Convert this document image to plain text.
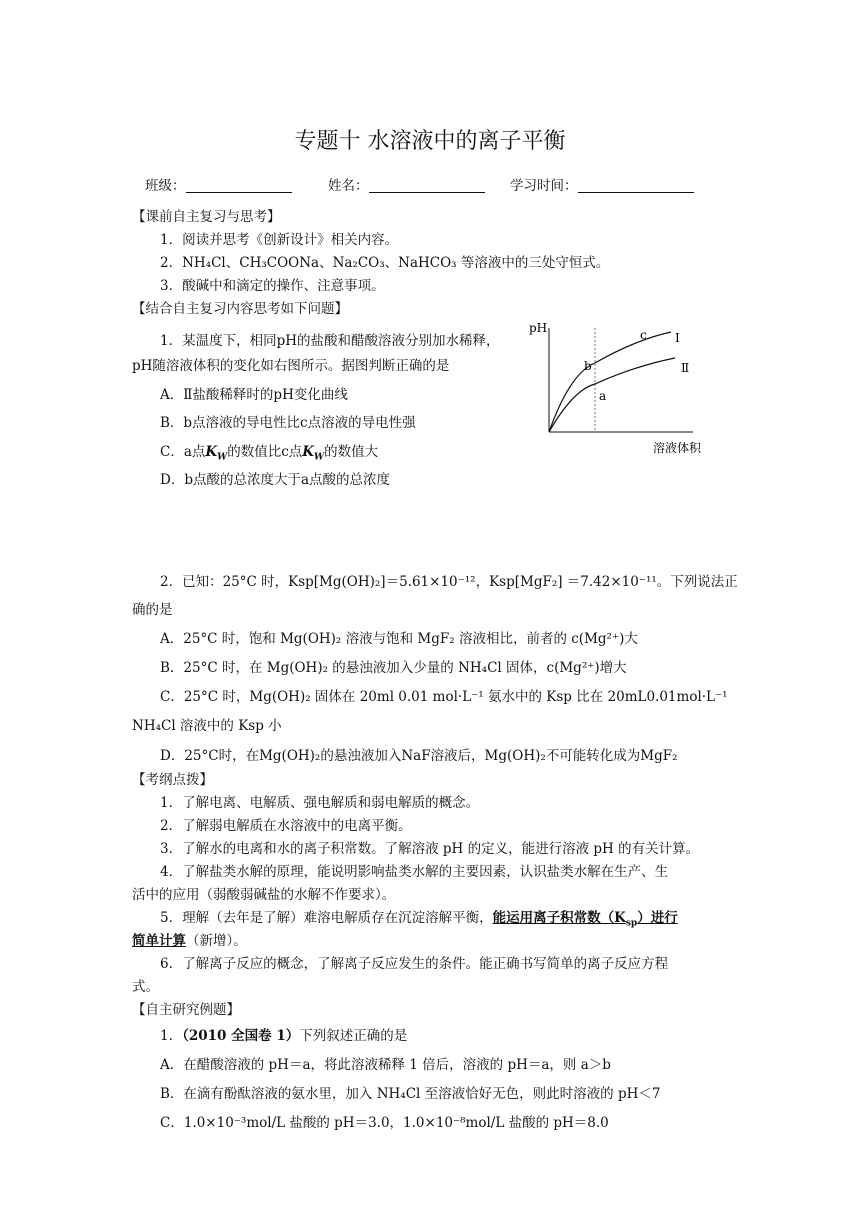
专题十 水溶液中的离子平衡
班级：	姓名：	学习时间：
【课前自主复习与思考】
1．阅读并思考《创新设计》相关内容。
2．NH₄Cl、CH₃COONa、Na₂CO₃、NaHCO₃ 等溶液中的三处守恒式。
3．酸碱中和滴定的操作、注意事项。
【结合自主复习内容思考如下问题】
1．某温度下，相同pH的盐酸和醋酸溶液分别加水稀释，
pH随溶液体积的变化如右图所示。据图判断正确的是
A．Ⅱ盐酸稀释时的pH变化曲线
B．b点溶液的导电性比c点溶液的导电性强
C．a点$K_W$的数值比c点$K_W$的数值大
D．b点酸的总浓度大于a点酸的总浓度
pH
溶液体积
Ⅰ
Ⅱ
a
b
c
2．已知：25°C 时，Ksp[Mg(OH)₂]＝5.61×10⁻¹²，Ksp[MgF₂] ＝7.42×10⁻¹¹。下列说法正
确的是
A．25°C 时，饱和 Mg(OH)₂ 溶液与饱和 MgF₂ 溶液相比，前者的 c(Mg²⁺)大
B．25°C 时，在 Mg(OH)₂ 的悬浊液加入少量的 NH₄Cl 固体，c(Mg²⁺)增大
C．25°C 时，Mg(OH)₂ 固体在 20ml 0.01 mol·L⁻¹ 氨水中的 Ksp 比在 20mL0.01mol·L⁻¹
NH₄Cl 溶液中的 Ksp 小
D．25°C时，在Mg(OH)₂的悬浊液加入NaF溶液后，Mg(OH)₂不可能转化成为MgF₂
【考纲点拨】
1．了解电离、电解质、强电解质和弱电解质的概念。
2．了解弱电解质在水溶液中的电离平衡。
3．了解水的电离和水的离子积常数。了解溶液 pH 的定义，能进行溶液 pH 的有关计算。
4．了解盐类水解的原理，能说明影响盐类水解的主要因素，认识盐类水解在生产、生
活中的应用（弱酸弱碱盐的水解不作要求）。
5．理解（去年是了解）难溶电解质存在沉淀溶解平衡，能运用离子积常数$(K_{sp})$进行
简单计算（新增）。
6．了解离子反应的概念，了解离子反应发生的条件。能正确书写简单的离子反应方程
式。
【自主研究例题】
1．（2010 全国卷 1）下列叙述正确的是
A．在醋酸溶液的 pH＝a，将此溶液稀释 1 倍后，溶液的 pH＝a，则 a＞b
B．在滴有酚酞溶液的氨水里，加入 NH₄Cl 至溶液恰好无色，则此时溶液的 pH＜7
C．1.0×10⁻³mol/L 盐酸的 pH＝3.0，1.0×10⁻⁸mol/L 盐酸的 pH＝8.0
